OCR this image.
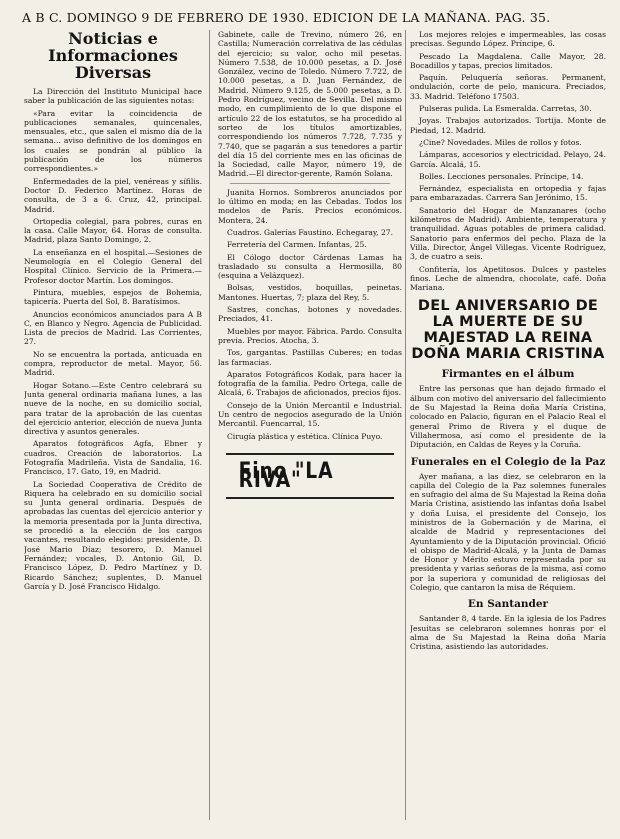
A B C. DOMINGO 9 DE FEBRERO DE 1930. EDICION DE LA MAÑANA. PAG. 35.
Noticias e Informaciones Diversas

La Dirección del Instituto Municipal hace saber la publicación de las siguientes notas:

«Para evitar la coincidencia de publicaciones semanales, quincenales, mensuales, etc., que salen el mismo día de la semana... aviso definitivo de los domingos en los cuales se pondrán al público la publicación de los números correspondientes.»

Enfermedades de la piel, venéreas y sífilis. Doctor D. Federico Martínez. Horas de consulta, de 3 a 6. Cruz, 42, principal. Madrid.

Ortopedia colegial, para pobres, curas en la casa. Calle Mayor, 64. Horas de consulta. Madrid, plaza Santo Domingo, 2.

La enseñanza en el hospital.—Sesiones de Neumología en el Colegio General del Hospital Clínico. Servicio de la Primera.—Profesor doctor Martín. Los domingos.

Pintura, muebles, espejos de Bohemia, tapicería. Puerta del Sol, 8. Baratísimos.

Anuncios económicos anunciados para A B C, en Blanco y Negro. Agencia de Publicidad. Lista de precios de Madrid. Las Corrientes, 27.

No se encuentra la portada, anticuada en compra, reproductor de metal. Mayor, 56. Madrid.

Hogar Sotano.—Este Centro celebrará su Junta general ordinaria mañana lunes, a las nueve de la noche, en su domicilio social, para tratar de la aprobación de las cuentas del ejercicio anterior, elección de nueva Junta directiva y asuntos generales.

Aparatos fotográficos Agfa, Ebner y cuadros. Creación de laboratorios. La Fotografía Madrileña. Vista de Sandalia, 16. Francisco, 17. Gato, 19, en Madrid.

La Sociedad Cooperativa de Crédito de Riquera ha celebrado en su domicilio social su Junta general ordinaria. Después de aprobadas las cuentas del ejercicio anterior y la memoria presentada por la Junta directiva, se procedió a la elección de los cargos vacantes, resultando elegidos: presidente, D. José Mario Díaz; tesorero, D. Manuel Fernández; vocales, D. Antonio Gil, D. Francisco López, D. Pedro Martínez y D. Ricardo Sánchez; suplentes, D. Manuel García y D. José Francisco Hidalgo.

Gabinete, calle de Trevino, número 26, en Castilla; Numeración correlativa de las cédulas del ejercicio; su valor, ocho mil pesetas. Número 7.538, de 10.000 pesetas, a D. José González, vecino de Toledo. Número 7.722, de 10.000 pesetas, a D. Juan Fernández, de Madrid. Número 9.125, de 5.000 pesetas, a D. Pedro Rodríguez, vecino de Sevilla. Del mismo modo, en cumplimiento de lo que dispone el artículo 22 de los estatutos, se ha procedido al sorteo de los títulos amortizables, correspondiendo los números 7.728, 7.735 y 7.740, que se pagarán a sus tenedores a partir del día 15 del corriente mes en las oficinas de la Sociedad, calle Mayor, número 19, de Madrid.—El director-gerente, Ramón Solana.

Juanita Hornos. Sombreros anunciados por lo último en moda; en las Cebadas. Todos los modelos de París. Precios económicos. Montera, 24.

Cuadros. Galerías Faustino. Echegaray, 27.

Ferretería del Carmen. Infantas, 25.

El Cólogo doctor Cárdenas Lamas ha trasladado su consulta a Hermosilla, 80 (esquina a Velázquez).

Bolsas, vestidos, boquillas, peinetas. Mantones. Huertas, 7; plaza del Rey, 5.

Sastres, conchas, botones y novedades. Preciados, 41.

Muebles por mayor. Fábrica. Pardo. Consulta previa. Precios. Atocha, 3.

Tos, gargantas. Pastillas Cuberes; en todas las farmacias.

Aparatos Fotográficos Kodak, para hacer la fotografía de la familia. Pedro Ortega, calle de Alcalá, 6. Trabajos de aficionados, precios fijos.

Consejo de la Unión Mercantil e Industrial. Un centro de negocios asegurado de la Unión Mercantil. Fuencarral, 15.

Cirugía plástica y estética. Clínica Puyo.

Fino "LA RIVA"

Los mejores relojes e impermeables, las cosas precisas. Segundo López. Príncipe, 6.

Pescado La Magdalena. Calle Mayor, 28. Bocadillos y tapas, precios limitados.

Paquín. Peluquería señoras. Permanent, ondulación, corte de pelo, manicura. Preciados, 33. Madrid. Teléfono 17503.

Pulseras pulida. La Esmeralda. Carretas, 30.

Joyas. Trabajos autorizados. Tortija. Monte de Piedad, 12. Madrid.

¿Cine? Novedades. Miles de rollos y fotos.

Lámparas, accesorios y electricidad. Pelayo, 24. García. Alcalá, 15.

Bolles. Lecciones personales. Príncipe, 14.

Fernández, especialista en ortopedia y fajas para embarazadas. Carrera San Jerónimo, 15.

Sanatorio del Hogar de Manzanares (ocho kilómetros de Madrid). Ambiente, temperatura y tranquilidad. Aguas potables de primera calidad. Sanatorio para enfermos del pecho. Plaza de la Villa. Director, Ángel Villegas. Vicente Rodríguez, 3, de cuatro a seis.

Confitería, los Apetitosos. Dulces y pasteles finos. Leche de almendra, chocolate, café. Doña Mariana.

DEL ANIVERSARIO DE LA MUERTE DE SU MAJESTAD LA REINA DOÑA MARIA CRISTINA
Firmantes en el álbum

Entre las personas que han dejado firmado el álbum con motivo del aniversario del fallecimiento de Su Majestad la Reina doña María Cristina, colocado en Palacio, figuran en el Palacio Real el general Primo de Rivera y el duque de Villahermosa, así como el presidente de la Diputación, en Caldas de Reyes y la Coruña.

Funerales en el Colegio de la Paz

Ayer mañana, a las diez, se celebraron en la capilla del Colegio de la Paz solemnes funerales en sufragio del alma de Su Majestad la Reina doña María Cristina, asistiendo las infantas doña Isabel y doña Luisa, el presidente del Consejo, los ministros de la Gobernación y de Marina, el alcalde de Madrid y representaciones del Ayuntamiento y de la Diputación provincial. Ofició el obispo de Madrid-Alcalá, y la Junta de Damas de Honor y Mérito estuvo representada por su presidenta y varias señoras de la misma, así como por la superiora y comunidad de religiosas del Colegio, que cantaron la misa de Réquiem.

En Santander

Santander 8, 4 tarde. En la iglesia de los Padres Jesuitas se celebraron solemnes honras por el alma de Su Majestad la Reina doña María Cristina, asistiendo las autoridades.
